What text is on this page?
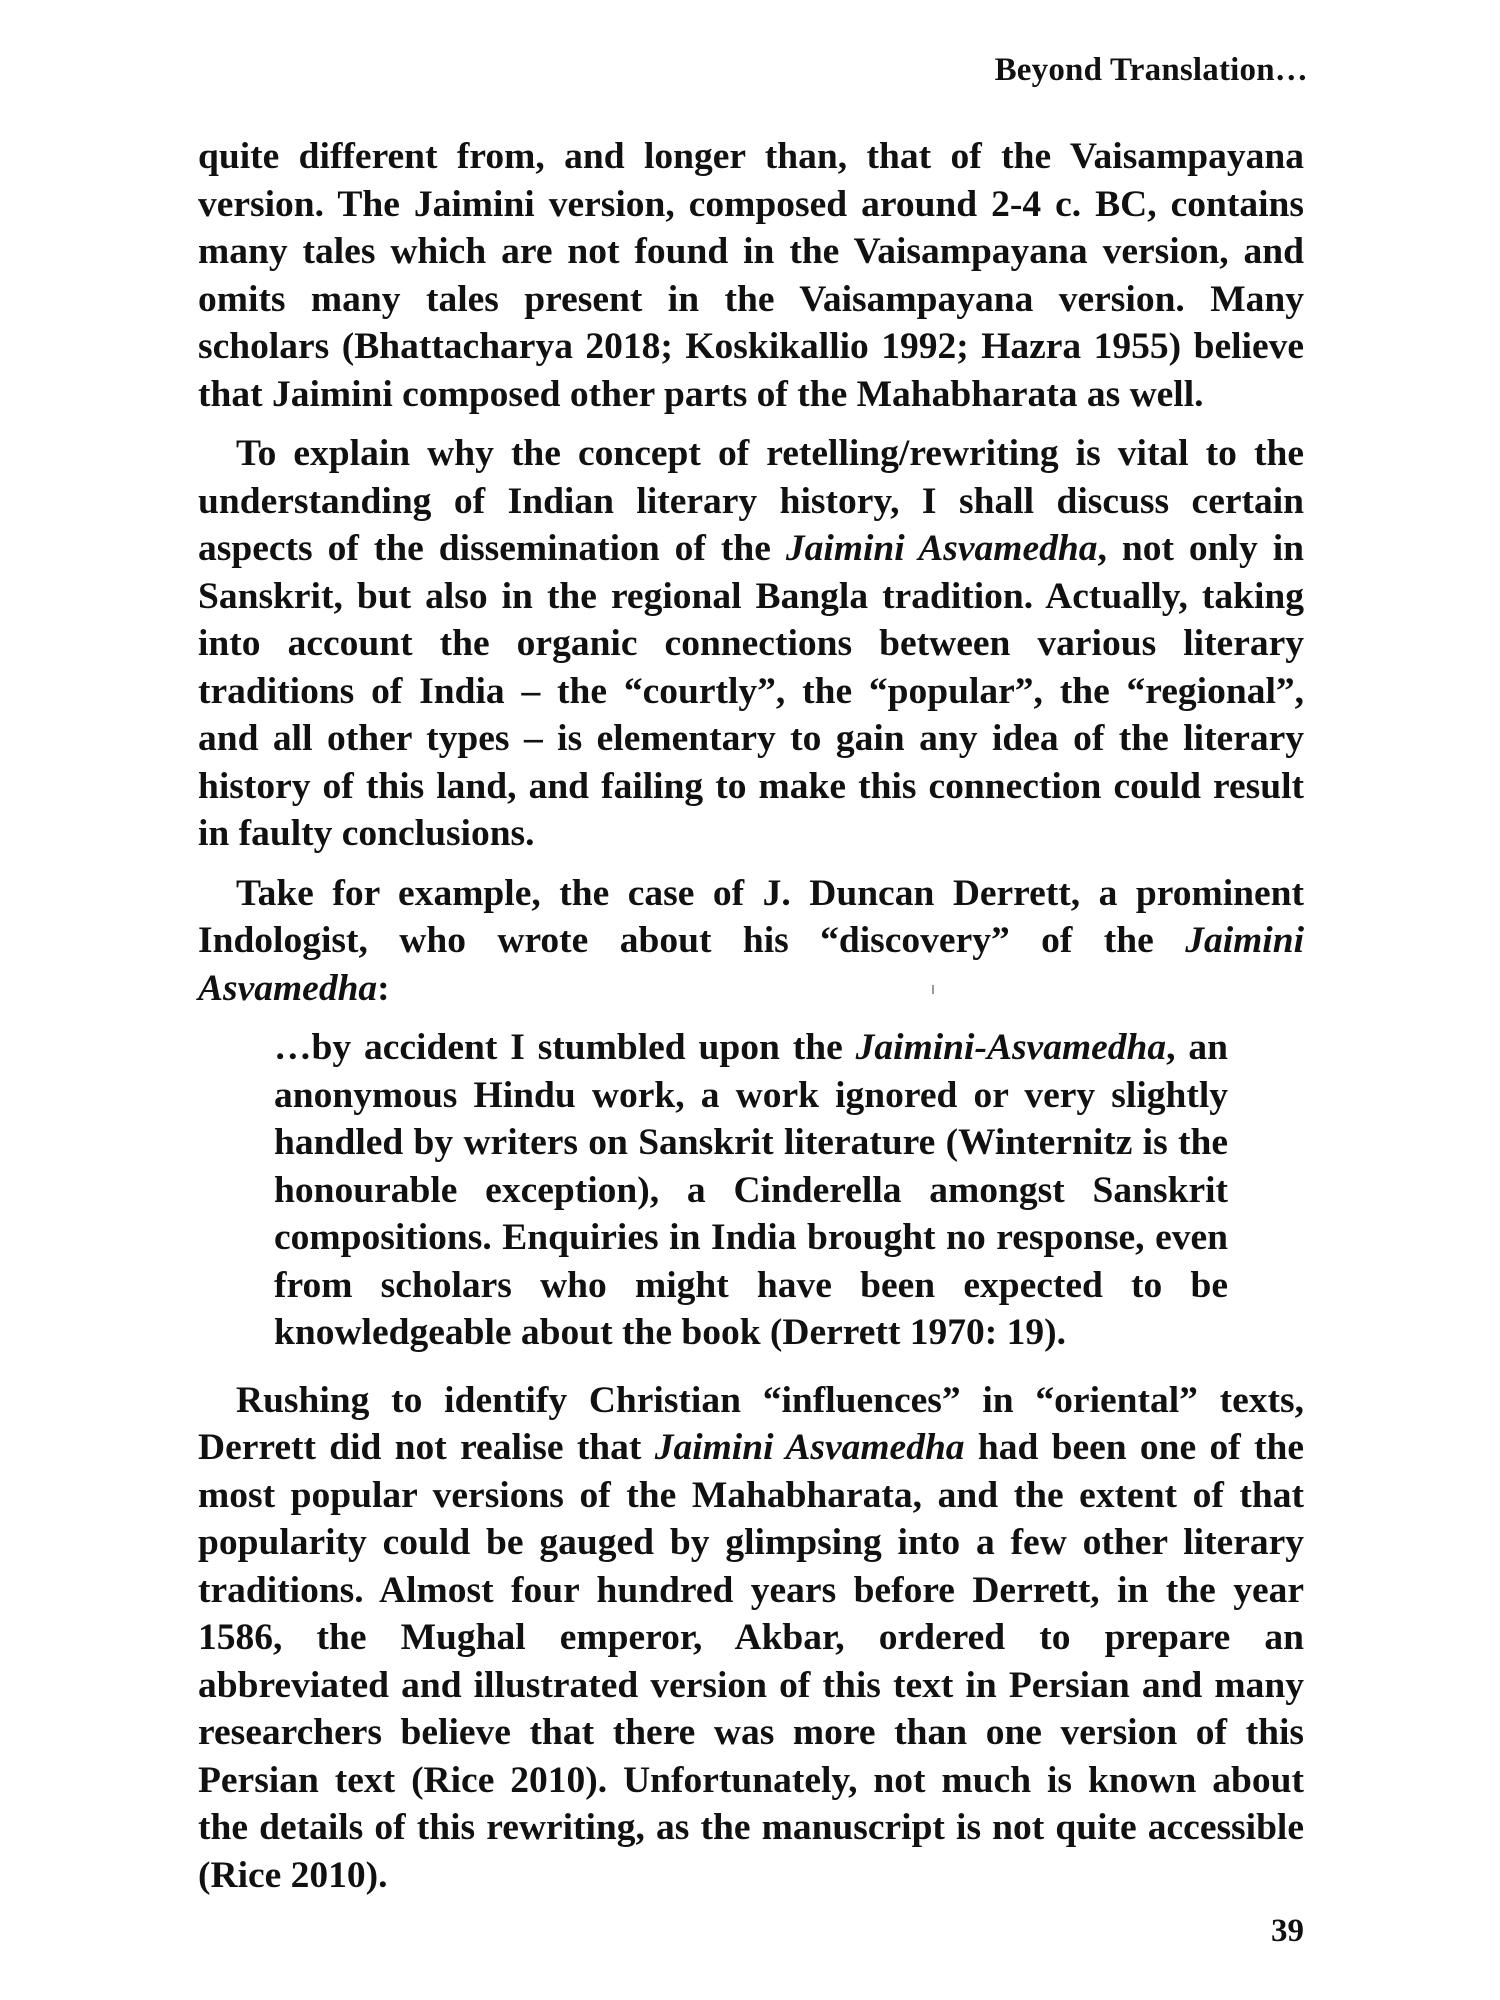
Beyond Translation…

quite different from, and longer than, that of the Vaisampayana version. The Jaimini version, composed around 2-4 c. BC, contains many tales which are not found in the Vaisampayana version, and omits many tales present in the Vaisampayana version. Many scholars (Bhattacharya 2018; Koskikallio 1992; Hazra 1955) believe that Jaimini composed other parts of the Mahabharata as well.

To explain why the concept of retelling/rewriting is vital to the understanding of Indian literary history, I shall discuss certain aspects of the dissemination of the Jaimini Asvamedha, not only in Sanskrit, but also in the regional Bangla tradition. Actually, taking into account the organic connections between various literary traditions of India – the “courtly”, the “popular”, the “regional”, and all other types – is elementary to gain any idea of the literary history of this land, and failing to make this connection could result in faulty conclusions.

Take for example, the case of J. Duncan Derrett, a prominent Indologist, who wrote about his “discovery” of the Jaimini Asvamedha:

…by accident I stumbled upon the Jaimini-Asvamedha, an anonymous Hindu work, a work ignored or very slightly handled by writers on Sanskrit literature (Winternitz is the honourable exception), a Cinderella amongst Sanskrit compositions. Enquiries in India brought no response, even from scholars who might have been expected to be knowledgeable about the book (Derrett 1970: 19).

Rushing to identify Christian “influences” in “oriental” texts, Derrett did not realise that Jaimini Asvamedha had been one of the most popular versions of the Mahabharata, and the extent of that popularity could be gauged by glimpsing into a few other literary traditions. Almost four hundred years before Derrett, in the year 1586, the Mughal emperor, Akbar, ordered to prepare an abbreviated and illustrated version of this text in Persian and many researchers believe that there was more than one version of this Persian text (Rice 2010). Unfortunately, not much is known about the details of this rewriting, as the manuscript is not quite accessible (Rice 2010).

39
